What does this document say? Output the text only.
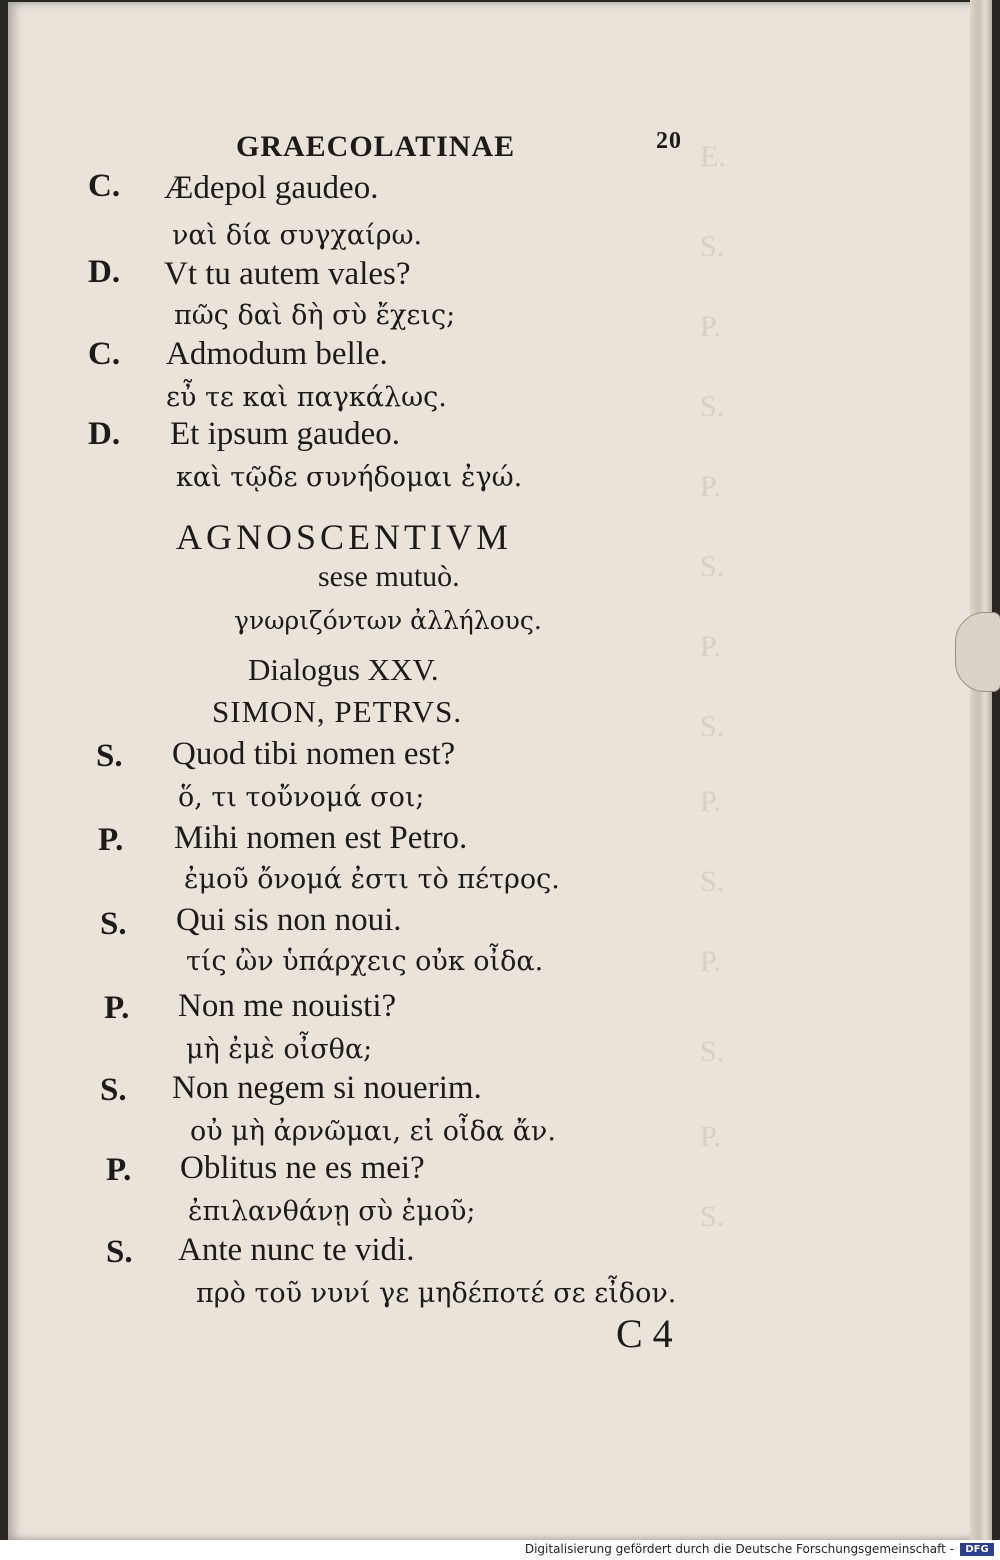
E.
S.
P.
S.
P.
S.
P.
S.
P.
S.
P.
S.
P.
S.
GRAECOLATINAE	20
C. Ædepol gaudeo.
ναὶ δία συγχαίρω.
D. Vt tu autem vales?
πῶς δαὶ δὴ σὺ ἔχεις;
C. Admodum belle.
εὖ τε καὶ παγκάλως.
D. Et ipsum gaudeo.
καὶ τῷδε συνήδομαι ἐγώ.
AGNOSCENTIVM
sese mutuò.
γνωριζόντων ἀλλήλους.
Dialogus XXV.
SIMON, PETRVS.
S. Quod tibi nomen est?
ὅ, τι τοὔνομά σοι;
P. Mihi nomen est Petro.
ἐμοῦ ὄνομά ἐστι τὸ πέτρος.
S. Qui sis non noui.
τίς ὢν ὑπάρχεις οὐκ οἶδα.
P. Non me nouisti?
μὴ ἐμὲ οἶσθα;
S. Non negem si nouerim.
οὐ μὴ ἀρνῶμαι, εἰ οἶδα ἄν.
P. Oblitus ne es mei?
ἐπιλανθάνῃ σὺ ἐμοῦ;
S. Ante nunc te vidi.
πρὸ τοῦ νυνί γε μηδέποτέ σε εἶδον.
C 4
Digitalisierung gefördert durch die Deutsche Forschungsgemeinschaft -	DFG
